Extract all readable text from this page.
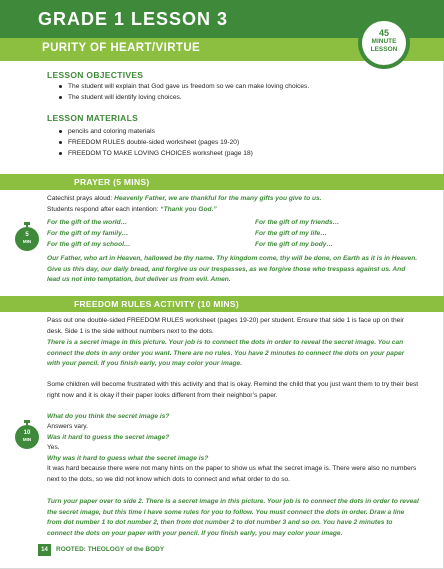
GRADE 1 LESSON 3
PURITY OF HEART/VIRTUE
45
MINUTE
LESSON
LESSON OBJECTIVES
The student will explain that God gave us freedom so we can make loving choices.
The student will identify loving choices.
LESSON MATERIALS
pencils and coloring materials
FREEDOM RULES double-sided worksheet (pages 19-20)
FREEDOM TO MAKE LOVING CHOICES worksheet (page 18)
PRAYER (5 MINS)
Catechist prays aloud: Heavenly Father, we are thankful for the many gifts you give to us.
Students respond after each intention: “Thank you God.”
5
MIN
For the gift of the world…	For the gift of my friends…
For the gift of my family…	For the gift of my life…
For the gift of my school…	For the gift of my body…
Our Father, who art in Heaven, hallowed be thy name. Thy kingdom come, thy will be done, on Earth as it is in Heaven. Give us this day, our daily bread, and forgive us our trespasses, as we forgive those who trespass against us. And lead us not into temptation, but deliver us from evil. Amen.
FREEDOM RULES ACTIVITY (10 MINS)
10
MIN
Pass out one double-sided FREEDOM RULES worksheet (pages 19-20) per student. Ensure that side 1 is face up on their desk. Side 1 is the side without numbers next to the dots.
There is a secret image in this picture. Your job is to connect the dots in order to reveal the secret image. You can connect the dots in any order you want. There are no rules. You have 2 minutes to connect the dots on your paper with your pencil. If you finish early, you may color your image.
Some children will become frustrated with this activity and that is okay. Remind the child that you just want them to try their best right now and it is okay if their paper looks different from their neighbor’s paper.
What do you think the secret image is?
Answers vary.
Was it hard to guess the secret image?
Yes.
Why was it hard to guess what the secret image is?
It was hard because there were not many hints on the paper to show us what the secret image is. There were also no numbers next to the dots, so we did not know which dots to connect and what order to do so.
Turn your paper over to side 2. There is a secret image in this picture. Your job is to connect the dots in order to reveal the secret image, but this time I have some rules for you to follow. You must connect the dots in order. Draw a line from dot number 1 to dot number 2, then from dot number 2 to dot number 3 and so on. You have 2 minutes to connect the dots on your paper with your pencil. If you finish early, you may color your image.
14	ROOTED: THEOLOGY of the BODY
